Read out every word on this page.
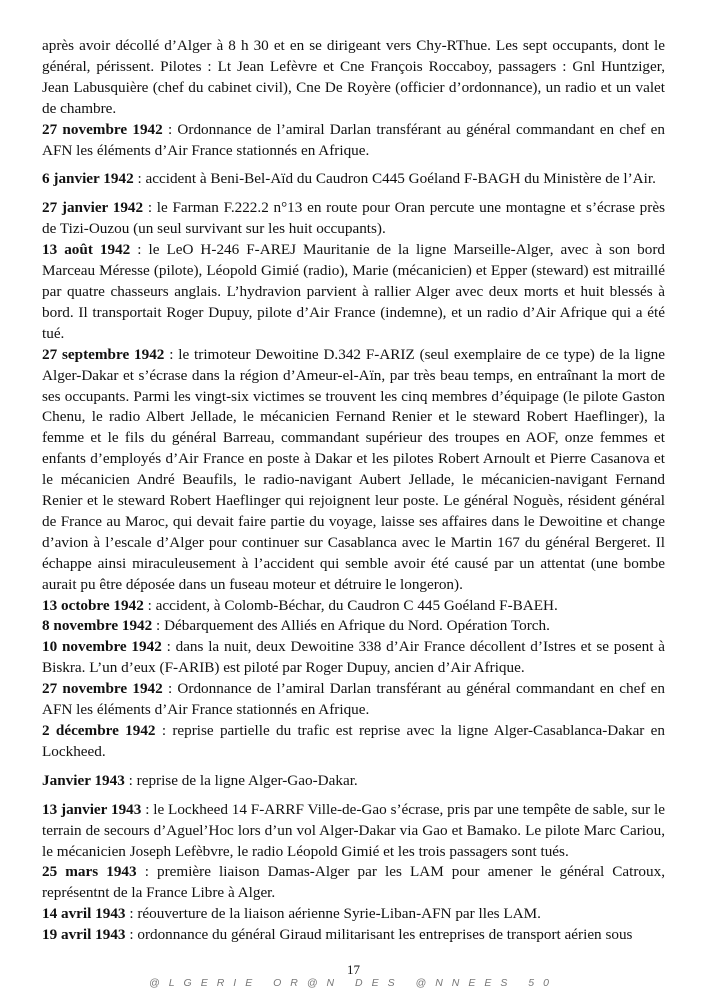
après avoir décollé d’Alger à 8 h 30 et en se dirigeant vers Chy-RThue. Les sept occupants, dont le général, périssent. Pilotes : Lt Jean Lefèvre et Cne François Roccaboy, passagers : Gnl Huntziger, Jean Labusquière (chef du cabinet civil), Cne De Royère (officier d’ordonnance), un radio et un valet de chambre.

27 novembre 1942 : Ordonnance de l’amiral Darlan transférant au général commandant en chef en AFN les éléments d’Air France stationnés en Afrique.

6 janvier 1942 : accident à Beni-Bel-Aïd du Caudron C445 Goéland F-BAGH du Ministère de l’Air.

27 janvier 1942 : le Farman F.222.2 n°13 en route pour Oran percute une montagne et s’écrase près de Tizi-Ouzou (un seul survivant sur les huit occupants).

13 août 1942 : le LeO H-246 F-AREJ Mauritanie de la ligne Marseille-Alger, avec à son bord Marceau Méresse (pilote), Léopold Gimié (radio), Marie (mécanicien) et Epper (steward) est mitraillé par quatre chasseurs anglais. L’hydravion parvient à rallier Alger avec deux morts et huit blessés à bord. Il transportait Roger Dupuy, pilote d’Air France (indemne), et un radio d’Air Afrique qui a été tué.

27 septembre 1942 : le trimoteur Dewoitine D.342 F-ARIZ (seul exemplaire de ce type) de la ligne Alger-Dakar et s’écrase dans la région d’Ameur-el-Aïn, par très beau temps, en entraînant la mort de ses occupants. Parmi les vingt-six victimes se trouvent les cinq membres d’équipage (le pilote Gaston Chenu, le radio Albert Jellade, le mécanicien Fernand Renier et le steward Robert Haeflinger), la femme et le fils du général Barreau, commandant supérieur des troupes en AOF, onze femmes et enfants d’employés d’Air France en poste à Dakar et les pilotes Robert Arnoult et Pierre Casanova et le mécanicien André Beaufils, le radio-navigant Aubert Jellade, le mécanicien-navigant Fernand Renier et le steward Robert Haeflinger qui rejoignent leur poste. Le général Noguès, résident général de France au Maroc, qui devait faire partie du voyage, laisse ses affaires dans le Dewoitine et change d’avion à l’escale d’Alger pour continuer sur Casablanca avec le Martin 167 du général Bergeret. Il échappe ainsi miraculeusement à l’accident qui semble avoir été causé par un attentat (une bombe aurait pu être déposée dans un fuseau moteur et détruire le longeron).

13 octobre 1942 : accident, à Colomb-Béchar, du Caudron C 445 Goéland F-BAEH.

8 novembre 1942 : Débarquement des Alliés en Afrique du Nord. Opération Torch.

10 novembre 1942 : dans la nuit, deux Dewoitine 338 d’Air France décollent d’Istres et se posent à Biskra. L’un d’eux (F-ARIB) est piloté par Roger Dupuy, ancien d’Air Afrique.

27 novembre 1942 : Ordonnance de l’amiral Darlan transférant au général commandant en chef en AFN les éléments d’Air France stationnés en Afrique.

2 décembre 1942 : reprise partielle du trafic est reprise avec la ligne Alger-Casablanca-Dakar en Lockheed.

Janvier 1943 : reprise de la ligne Alger-Gao-Dakar.

13 janvier 1943 : le Lockheed 14 F-ARRF Ville-de-Gao s’écrase, pris par une tempête de sable, sur le terrain de secours d’Aguel’Hoc lors d’un vol Alger-Dakar via Gao et Bamako. Le pilote Marc Cariou, le mécanicien Joseph Lefèbvre, le radio Léopold Gimié et les trois passagers sont tués.

25 mars 1943 : première liaison Damas-Alger par les LAM pour amener le général Catroux, représentnt de la France Libre à Alger.

14 avril 1943 : réouverture de la liaison aérienne Syrie-Liban-AFN par lles LAM.

19 avril 1943 : ordonnance du général Giraud militarisant les entreprises de transport aérien sous

17
@LGERIE OR@N DES @NNEES 50
